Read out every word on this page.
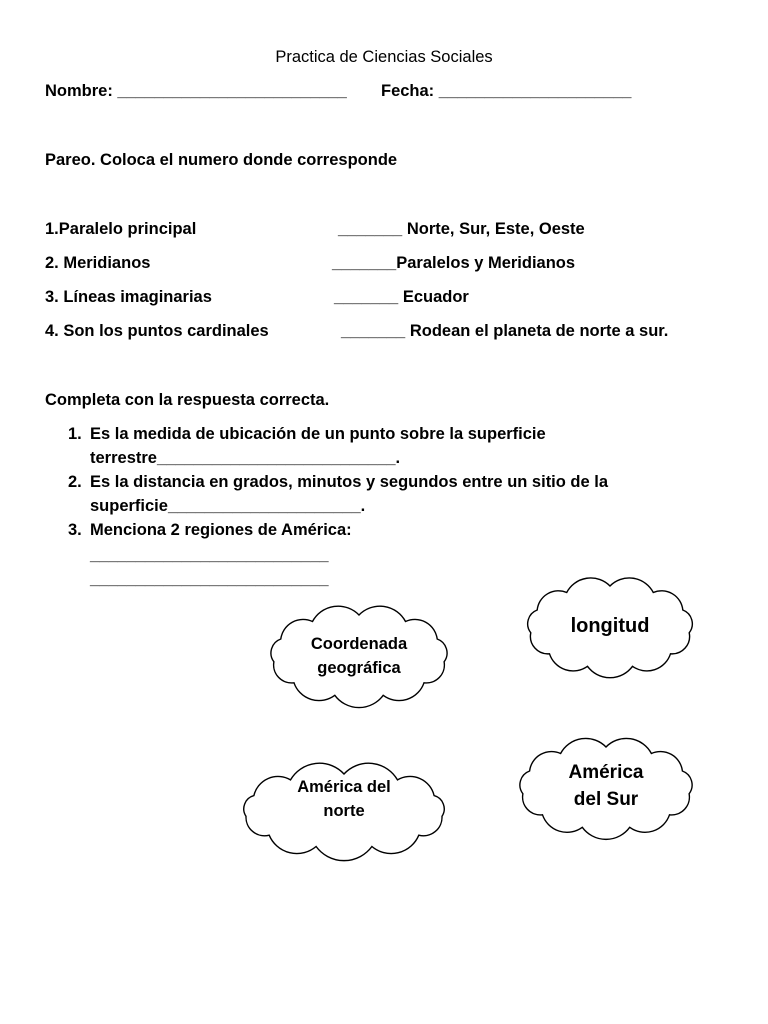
Practica de Ciencias Sociales
Nombre: _________________________ Fecha: _____________________
Pareo. Coloca el numero donde corresponde
1.Paralelo principal	_______ Norte, Sur, Este, Oeste
2. Meridianos	_______Paralelos y Meridianos
3. Líneas imaginarias	_______ Ecuador
4. Son los puntos cardinales	_______ Rodean el planeta de norte a sur.
Completa con la respuesta correcta.
1. Es la medida de ubicación de un punto sobre la superficie
terrestre__________________________.
2. Es la distancia en grados, minutos y segundos entre un sitio de la
superficie_____________________.
3. Menciona 2 regiones de América:
__________________________
__________________________
Coordenada
geográfica
longitud
América del
norte
América
del Sur
